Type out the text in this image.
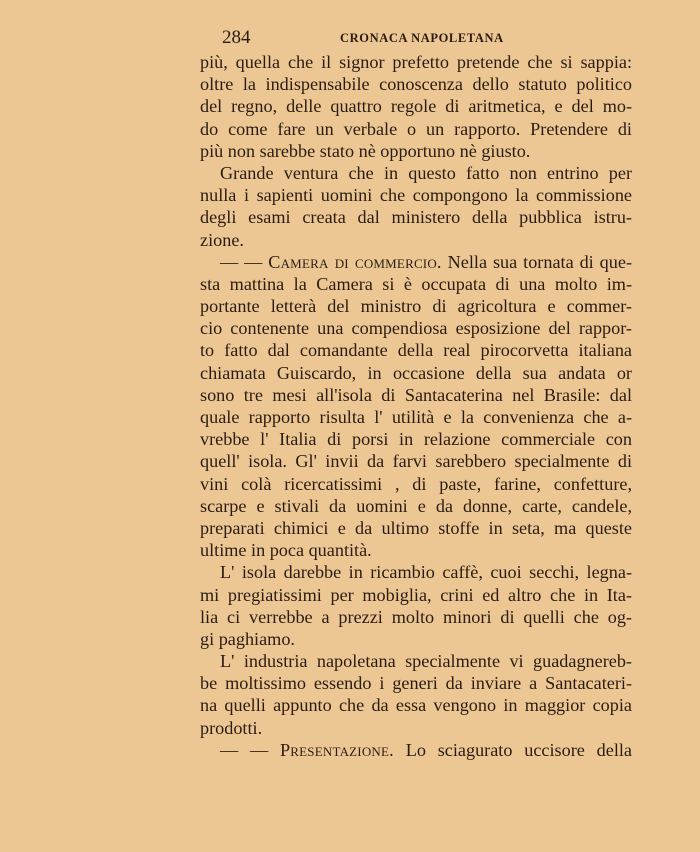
284	CRONACA NAPOLETANA
più, quella che il signor prefetto pretende che si sappia:
oltre la indispensabile conoscenza dello statuto politico
del regno, delle quattro regole di aritmetica, e del mo-
do come fare un verbale o un rapporto. Pretendere di
più non sarebbe stato nè opportuno nè giusto.
Grande ventura che in questo fatto non entrino per
nulla i sapienti uomini che compongono la commissione
degli esami creata dal ministero della pubblica istru-
zione.
— — Camera di commercio. Nella sua tornata di que-
sta mattina la Camera si è occupata di una molto im-
portante letterà del ministro di agricoltura e commer-
cio contenente una compendiosa esposizione del rappor-
to fatto dal comandante della real pirocorvetta italiana
chiamata Guiscardo, in occasione della sua andata or
sono tre mesi all'isola di Santacaterina nel Brasile: dal
quale rapporto risulta l' utilità e la convenienza che a-
vrebbe l' Italia di porsi in relazione commerciale con
quell' isola. Gl' invii da farvi sarebbero specialmente di
vini colà ricercatissimi , di paste, farine, confetture,
scarpe e stivali da uomini e da donne, carte, candele,
preparati chimici e da ultimo stoffe in seta, ma queste
ultime in poca quantità.
L' isola darebbe in ricambio caffè, cuoi secchi, legna-
mi pregiatissimi per mobiglia, crini ed altro che in Ita-
lia ci verrebbe a prezzi molto minori di quelli che og-
gi paghiamo.
L' industria napoletana specialmente vi guadagnereb-
be moltissimo essendo i generi da inviare a Santacateri-
na quelli appunto che da essa vengono in maggior copia
prodotti.
— — Presentazione. Lo sciagurato uccisore della
